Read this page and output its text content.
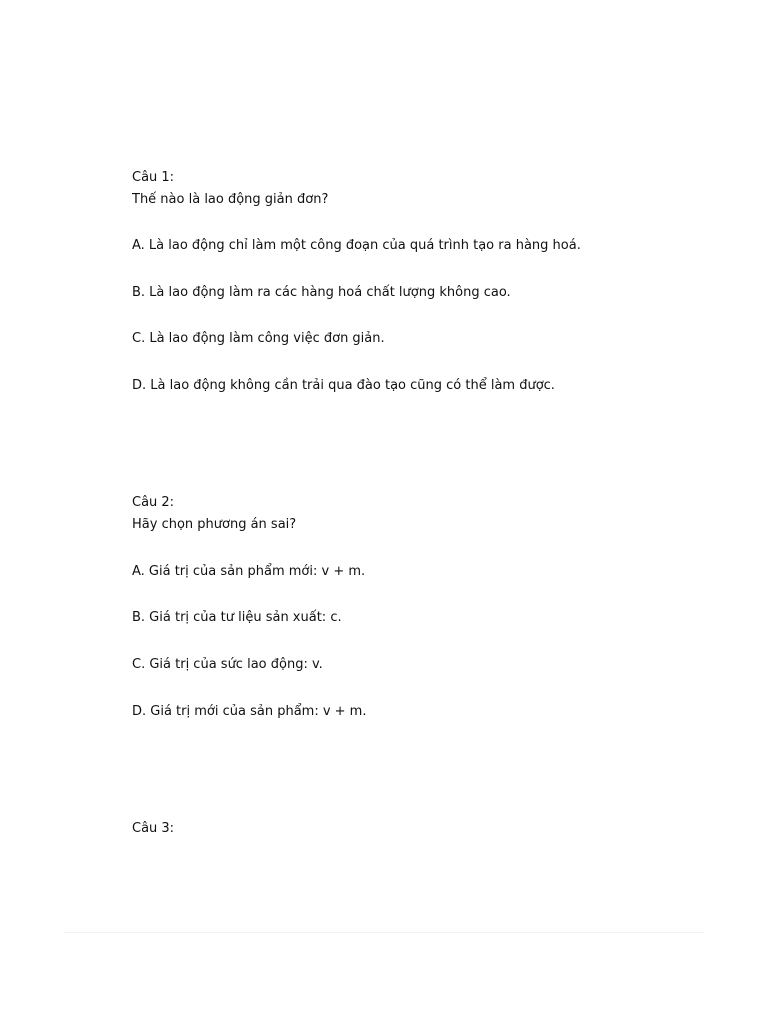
Câu 1:
Thế nào là lao động giản đơn?
A. Là lao động chỉ làm một công đoạn của quá trình tạo ra hàng hoá.
B. Là lao động làm ra các hàng hoá chất lượng không cao.
C. Là lao động làm công việc đơn giản.
D. Là lao động không cần trải qua đào tạo cũng có thể làm được.
Câu 2:
Hãy chọn phương án sai?
A. Giá trị của sản phẩm mới: v + m.
B. Giá trị của tư liệu sản xuất: c.
C. Giá trị của sức lao động: v.
D. Giá trị mới của sản phẩm: v + m.
Câu 3:
